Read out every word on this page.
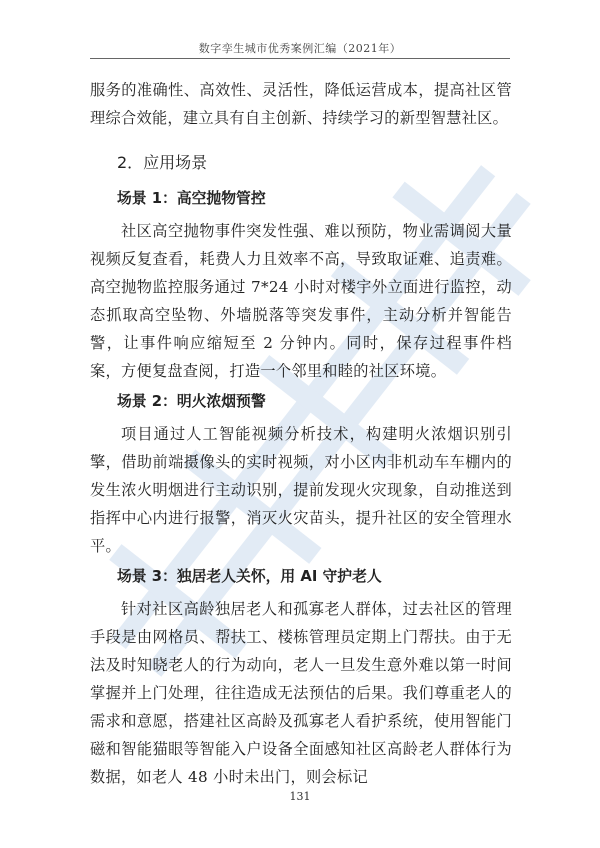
数字孪生城市优秀案例汇编（2021年）

服务的准确性、高效性、灵活性，降低运营成本，提高社区管理综合效能，建立具有自主创新、持续学习的新型智慧社区。

2．应用场景

场景 1：高空抛物管控

社区高空抛物事件突发性强、难以预防，物业需调阅大量视频反复查看，耗费人力且效率不高，导致取证难、追责难。高空抛物监控服务通过 7*24 小时对楼宇外立面进行监控，动态抓取高空坠物、外墙脱落等突发事件，主动分析并智能告警，让事件响应缩短至 2 分钟内。同时，保存过程事件档案，方便复盘查阅，打造一个邻里和睦的社区环境。

场景 2：明火浓烟预警

项目通过人工智能视频分析技术，构建明火浓烟识别引擎，借助前端摄像头的实时视频，对小区内非机动车车棚内的发生浓火明烟进行主动识别，提前发现火灾现象，自动推送到指挥中心内进行报警，消灭火灾苗头，提升社区的安全管理水平。

场景 3：独居老人关怀，用 AI 守护老人

针对社区高龄独居老人和孤寡老人群体，过去社区的管理手段是由网格员、帮扶工、楼栋管理员定期上门帮扶。由于无法及时知晓老人的行为动向，老人一旦发生意外难以第一时间掌握并上门处理，往往造成无法预估的后果。我们尊重老人的需求和意愿，搭建社区高龄及孤寡老人看护系统，使用智能门磁和智能猫眼等智能入户设备全面感知社区高龄老人群体行为数据，如老人 48 小时未出门，则会标记

131
